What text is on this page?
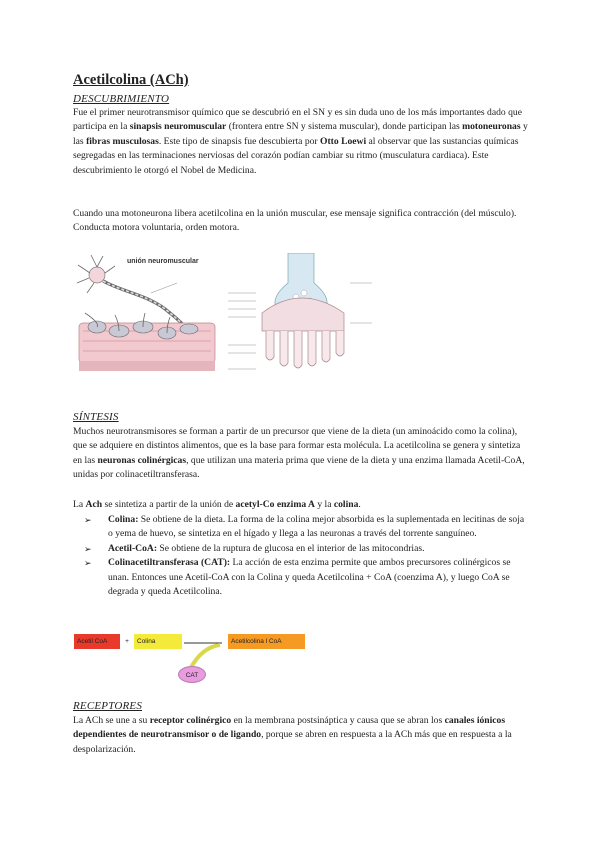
Acetilcolina (ACh)
DESCUBRIMIENTO

Fue el primer neurotransmisor químico que se descubrió en el SN y es sin duda uno de los más importantes dado que participa en la sinapsis neuromuscular (frontera entre SN y sistema muscular), donde participan las motoneuronas y las fibras musculosas. Este tipo de sinapsis fue descubierta por Otto Loewi al observar que las sustancias químicas segregadas en las terminaciones nerviosas del corazón podían cambiar su ritmo (musculatura cardiaca). Este descubrimiento le otorgó el Nobel de Medicina.

Cuando una motoneurona libera acetilcolina en la unión muscular, ese mensaje significa contracción (del músculo). Conducta motora voluntaria, orden motora.

unión neuromuscular
SÍNTESIS

Muchos neurotransmisores se forman a partir de un precursor que viene de la dieta (un aminoácido como la colina), que se adquiere en distintos alimentos, que es la base para formar esta molécula. La acetilcolina se genera y sintetiza en las neuronas colinérgicas, que utilizan una materia prima que viene de la dieta y una enzima llamada Acetil-CoA, unidas por colinacetiltransferasa.

La Ach se sintetiza a partir de la unión de acetyl-Co enzima A y la colina.

➢ Colina: Se obtiene de la dieta. La forma de la colina mejor absorbida es la suplementada en lecitinas de soja o yema de huevo, se sintetiza en el hígado y llega a las neuronas a través del torrente sanguíneo.
➢ Acetil-CoA: Se obtiene de la ruptura de glucosa en el interior de las mitocondrias.
➢ Colinacetiltransferasa (CAT): La acción de esta enzima permite que ambos precursores colinérgicos se unan. Entonces une Acetil-CoA con la Colina y queda Acetilcolina + CoA (coenzima A), y luego CoA se degrada y queda Acetilcolina.
Acetil CoA	+	Colina	Acetilcolina l CoA
CAT
RECEPTORES

La ACh se une a su receptor colinérgico en la membrana postsináptica y causa que se abran los canales iónicos dependientes de neurotransmisor o de ligando, porque se abren en respuesta a la ACh más que en respuesta a la despolarización.
